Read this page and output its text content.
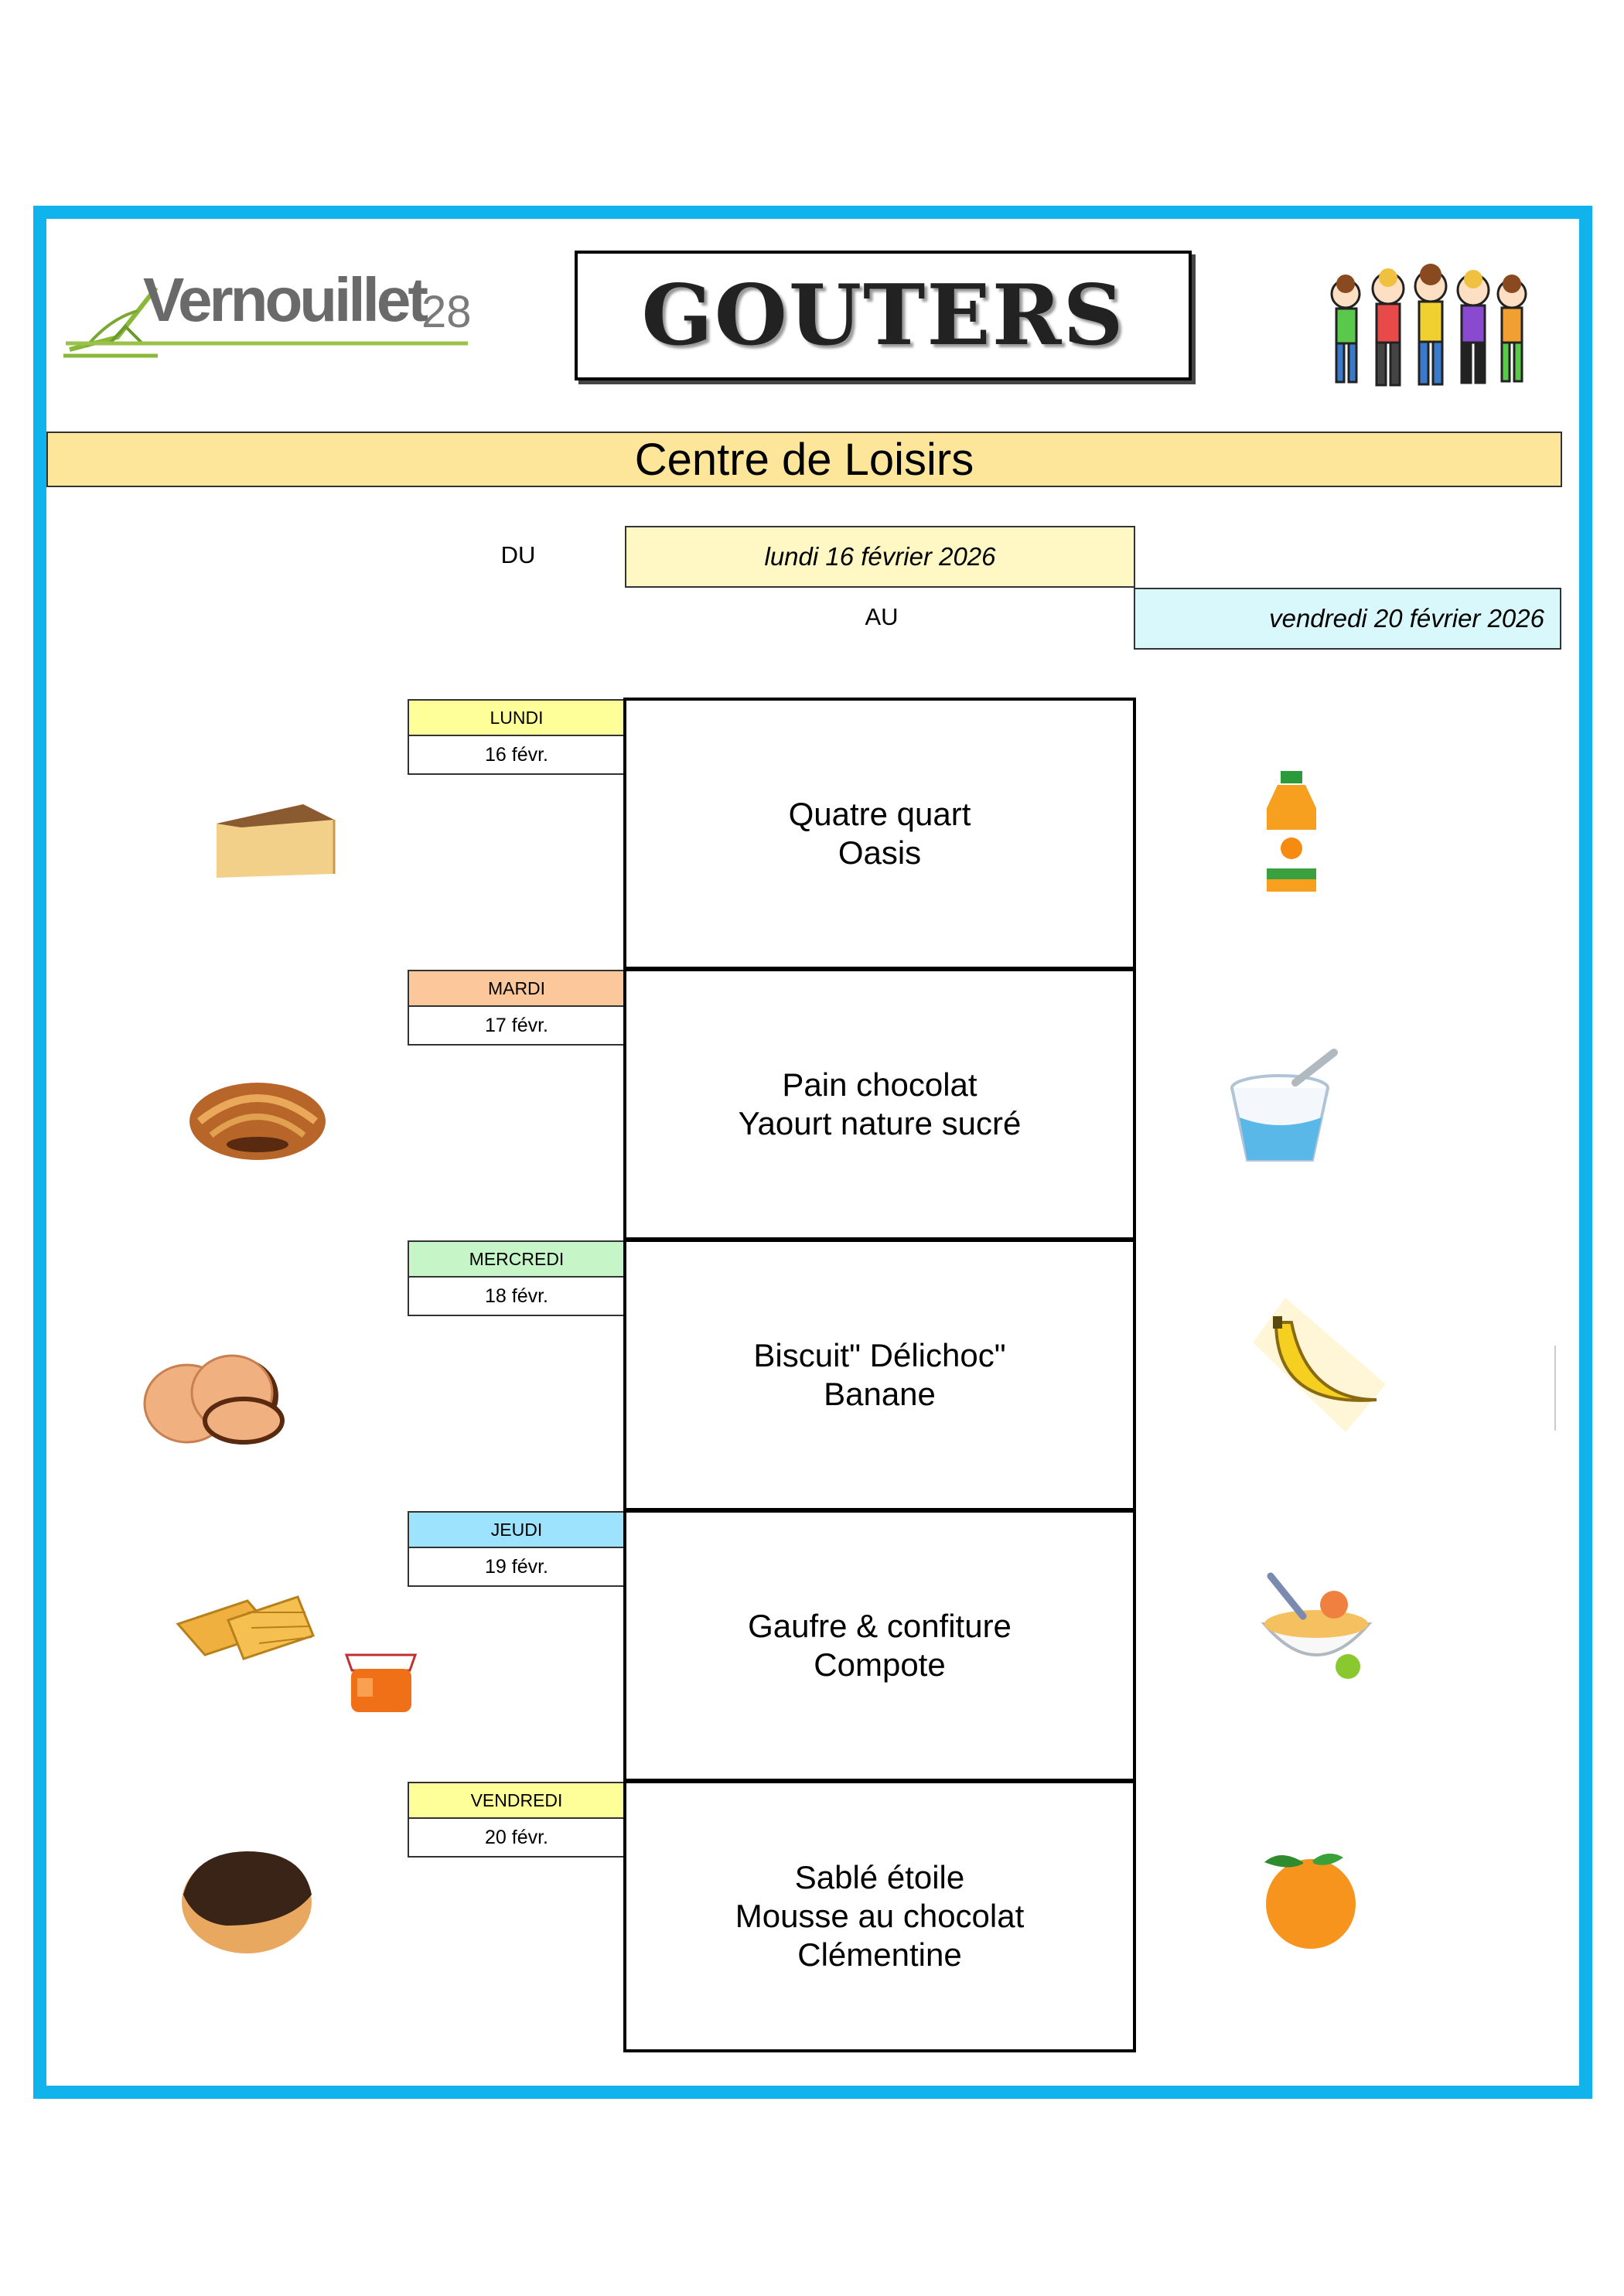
Vernouillet
28 GOUTERS
Centre de Loisirs
DU	lundi 16 février 2026
AU	vendredi 20 février 2026
LUNDI
16 févr.
Quatre quart
Oasis
MARDI
17 févr.
Pain chocolat
Yaourt nature sucré
MERCREDI
18 févr.
Biscuit" Délichoc"
Banane
JEUDI
19 févr.
Gaufre & confiture
Compote
VENDREDI
20 févr.
Sablé étoile
Mousse au chocolat
Clémentine
